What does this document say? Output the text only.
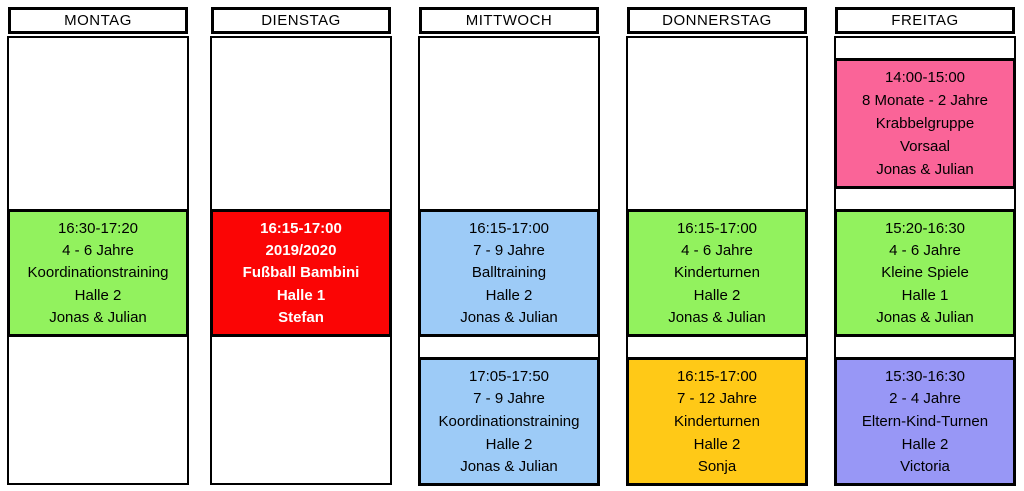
MONTAG
16:30-17:20
4 - 6 Jahre
Koordinationstraining
Halle 2
Jonas & Julian
DIENSTAG
16:15-17:00
2019/2020
Fußball Bambini
Halle 1
Stefan
MITTWOCH
16:15-17:00
7 - 9 Jahre
Balltraining
Halle 2
Jonas & Julian
17:05-17:50
7 - 9 Jahre
Koordinationstraining
Halle 2
Jonas & Julian
DONNERSTAG
16:15-17:00
4 - 6 Jahre
Kinderturnen
Halle 2
Jonas & Julian
16:15-17:00
7 - 12 Jahre
Kinderturnen
Halle 2
Sonja
FREITAG
14:00-15:00
8 Monate - 2 Jahre
Krabbelgruppe
Vorsaal
Jonas & Julian
15:20-16:30
4 - 6 Jahre
Kleine Spiele
Halle 1
Jonas & Julian
15:30-16:30
2 - 4 Jahre
Eltern-Kind-Turnen
Halle 2
Victoria
